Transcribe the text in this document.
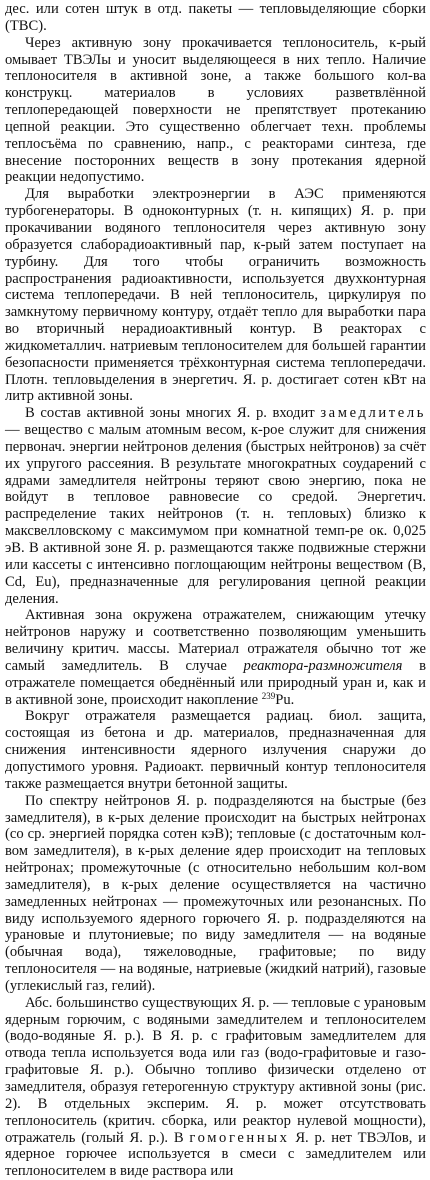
дес. или сотен штук в отд. пакеты — тепловыделяющие сборки (ТВС).

Через активную зону прокачивается теплоноситель, к-рый омывает ТВЭЛы и уносит выделяющееся в них тепло. Наличие теплоносителя в активной зоне, а также большого кол-ва конструкц. материалов в условиях разветвлённой теплопередающей поверхности не препятствует протеканию цепной реакции. Это существенно облегчает техн. проблемы теплосъёма по сравнению, напр., с реакторами синтеза, где внесение посторонних веществ в зону протекания ядерной реакции недопустимо.

Для выработки электроэнергии в АЭС применяются турбогенераторы. В одноконтурных (т. н. кипящих) Я. р. при прокачивании водяного теплоносителя через активную зону образуется слаборадиоактивный пар, к-рый затем поступает на турбину. Для того чтобы ограничить возможность распространения радиоактивности, используется двухконтурная система теплопередачи. В ней теплоноситель, циркулируя по замкнутому первичному контуру, отдаёт тепло для выработки пара во вторичный нерадиоактивный контур. В реакторах с жидкометаллич. натриевым теплоносителем для большей гарантии безопасности применяется трёхконтурная система теплопередачи. Плотн. тепловыделения в энергетич. Я. р. достигает сотен кВт на литр активной зоны.

В состав активной зоны многих Я. р. входит замедлитель — вещество с малым атомным весом, к-рое служит для снижения первонач. энергии нейтронов деления (быстрых нейтронов) за счёт их упругого рассеяния. В результате многократных соударений с ядрами замедлителя нейтроны теряют свою энергию, пока не войдут в тепловое равновесие со средой. Энергетич. распределение таких нейтронов (т. н. тепловых) близко к максвелловскому с максимумом при комнатной темп-ре ок. 0,025 эВ. В активной зоне Я. р. размещаются также подвижные стержни или кассеты с интенсивно поглощающим нейтроны веществом (B, Cd, Eu), предназначенные для регулирования цепной реакции деления.

Активная зона окружена отражателем, снижающим утечку нейтронов наружу и соответственно позволяющим уменьшить величину критич. массы. Материал отражателя обычно тот же самый замедлитель. В случае реактора-размножителя в отражателе помещается обеднённый или природный уран и, как и в активной зоне, происходит накопление $^{239}$Pu.

Вокруг отражателя размещается радиац. биол. защита, состоящая из бетона и др. материалов, предназначенная для снижения интенсивности ядерного излучения снаружи до допустимого уровня. Радиоакт. первичный контур теплоносителя также размещается внутри бетонной защиты.

По спектру нейтронов Я. р. подразделяются на быстрые (без замедлителя), в к-рых деление происходит на быстрых нейтронах (со ср. энергией порядка сотен кэВ); тепловые (с достаточным кол-вом замедлителя), в к-рых деление ядер происходит на тепловых нейтронах; промежуточные (с относительно небольшим кол-вом замедлителя), в к-рых деление осуществляется на частично замедленных нейтронах — промежуточных или резонансных. По виду используемого ядерного горючего Я. р. подразделяются на урановые и плутониевые; по виду замедлителя — на водяные (обычная вода), тяжеловодные, графитовые; по виду теплоносителя — на водяные, натриевые (жидкий натрий), газовые (углекислый газ, гелий).

Абс. большинство существующих Я. р. — тепловые с урановым ядерным горючим, с водяными замедлителем и теплоносителем (водо-водяные Я. р.). В Я. р. с графитовым замедлителем для отвода тепла используется вода или газ (водо-графитовые и газо-графитовые Я. р.). Обычно топливо физически отделено от замедлителя, образуя гетерогенную структуру активной зоны (рис. 2). В отдельных эксперим. Я. р. может отсутствовать теплоноситель (критич. сборка, или реактор нулевой мощности), отражатель (голый Я. р.). В гомогенных Я. р. нет ТВЭЛов, и ядерное горючее используется в смеси с замедлителем или теплоносителем в виде раствора или
